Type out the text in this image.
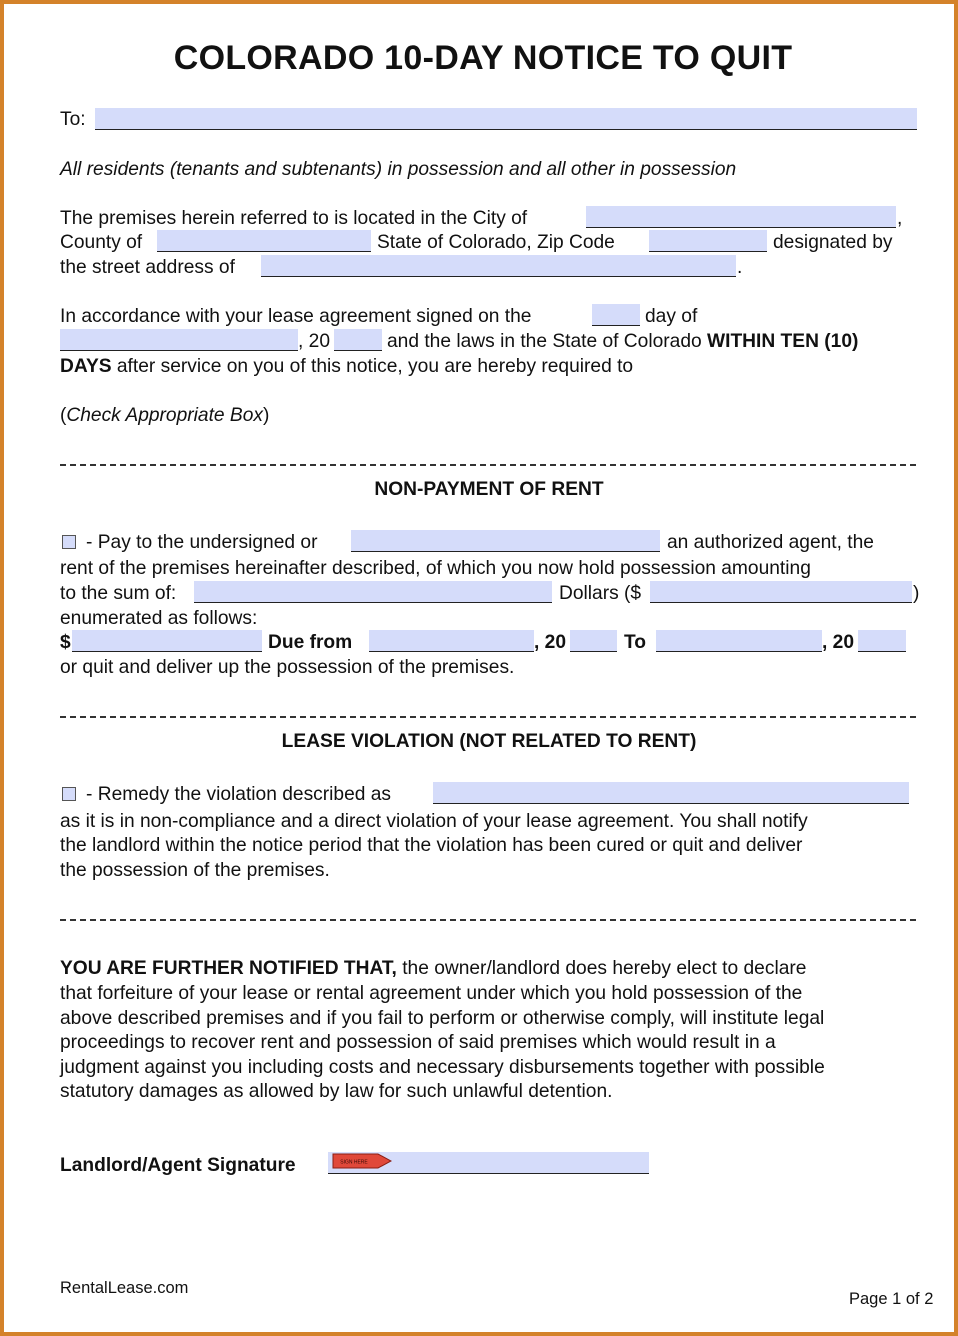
COLORADO 10-DAY NOTICE TO QUIT
To:
All residents (tenants and subtenants) in possession and all other in possession
The premises herein referred to is located in the City of	,
County of	State of Colorado, Zip Code	designated by
the street address of	.
In accordance with your lease agreement signed on the	day of
, 20	and the laws in the State of Colorado WITHIN TEN (10)
DAYS after service on you of this notice, you are hereby required to
(Check Appropriate Box)
NON-PAYMENT OF RENT
- Pay to the undersigned or	an authorized agent, the
rent of the premises hereinafter described, of which you now hold possession amounting
to the sum of:	Dollars ($	)
enumerated as follows:
$	Due from	, 20	To	, 20
or quit and deliver up the possession of the premises.
LEASE VIOLATION (NOT RELATED TO RENT)
- Remedy the violation described as
as it is in non-compliance and a direct violation of your lease agreement. You shall notify
the landlord within the notice period that the violation has been cured or quit and deliver
the possession of the premises.
YOU ARE FURTHER NOTIFIED THAT, the owner/landlord does hereby elect to declare
that forfeiture of your lease or rental agreement under which you hold possession of the
above described premises and if you fail to perform or otherwise comply, will institute legal
proceedings to recover rent and possession of said premises which would result in a
judgment against you including costs and necessary disbursements together with possible
statutory damages as allowed by law for such unlawful detention.
Landlord/Agent Signature	SIGN HERE
RentalLease.com
Page 1 of 2
